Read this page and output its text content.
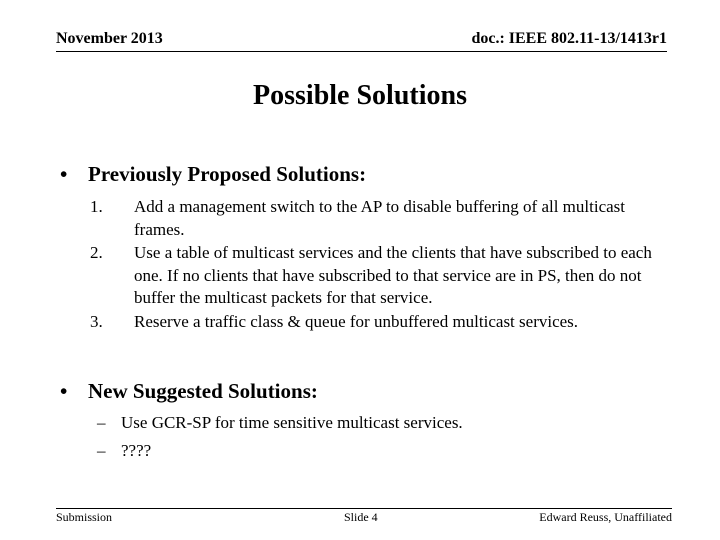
November 2013	doc.: IEEE 802.11-13/1413r1
Possible Solutions
• Previously Proposed Solutions:
1. Add a management switch to the AP to disable buffering of all multicast frames.
2. Use a table of multicast services and the clients that have subscribed to each one. If no clients that have subscribed to that service are in PS, then do not buffer the multicast packets for that service.
3. Reserve a traffic class & queue for unbuffered multicast services.
• New Suggested Solutions:
– Use GCR-SP for time sensitive multicast services.
– ????
Submission	Slide 4	Edward Reuss, Unaffiliated
